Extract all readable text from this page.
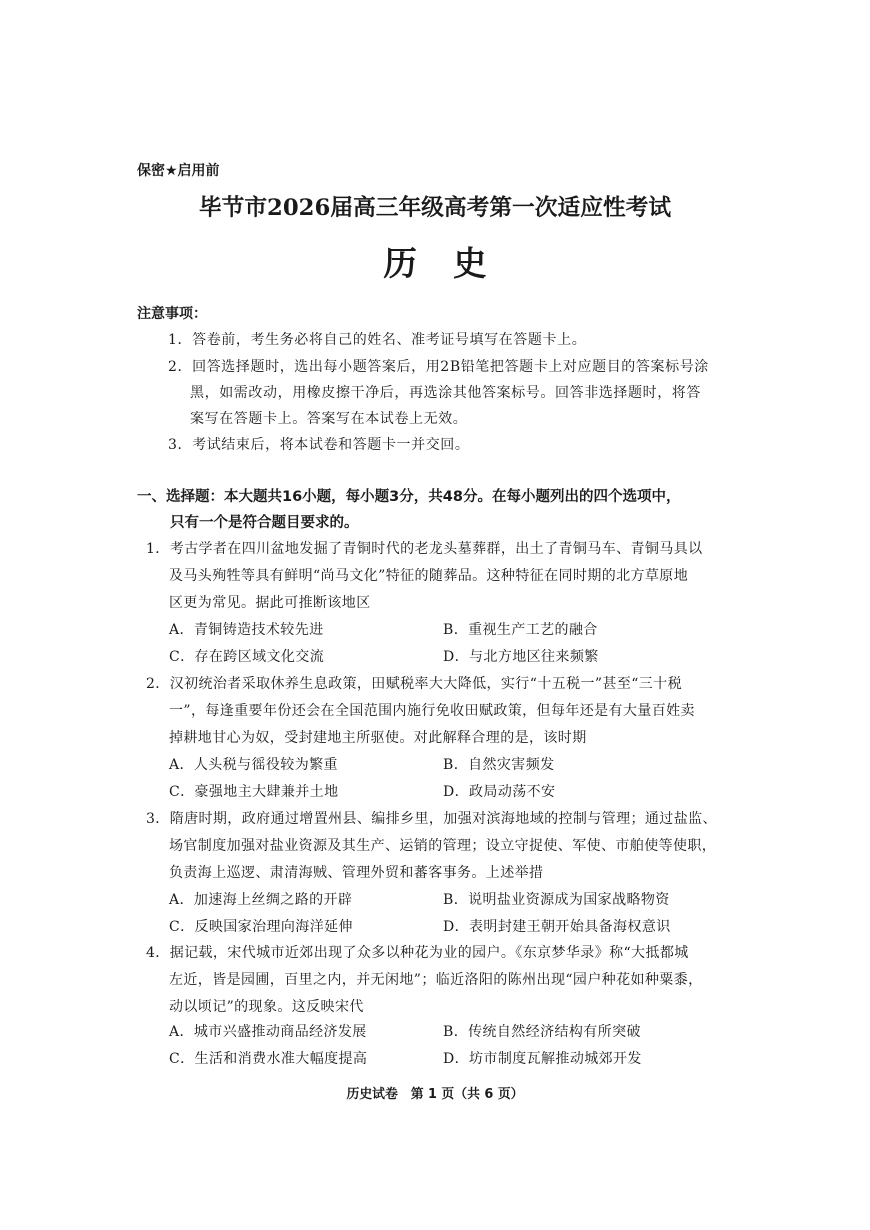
保密★启用前
毕节市2026届高三年级高考第一次适应性考试
历 史
注意事项：
1．答卷前，考生务必将自己的姓名、准考证号填写在答题卡上。
2．回答选择题时，选出每小题答案后，用2B铅笔把答题卡上对应题目的答案标号涂
黑，如需改动，用橡皮擦干净后，再选涂其他答案标号。回答非选择题时，将答
案写在答题卡上。答案写在本试卷上无效。
3．考试结束后，将本试卷和答题卡一并交回。
一、选择题：本大题共16小题，每小题3分，共48分。在每小题列出的四个选项中，
只有一个是符合题目要求的。
1．考古学者在四川盆地发掘了青铜时代的老龙头墓葬群，出土了青铜马车、青铜马具以
及马头殉牲等具有鲜明“尚马文化”特征的随葬品。这种特征在同时期的北方草原地
区更为常见。据此可推断该地区
A．青铜铸造技术较先进	B．重视生产工艺的融合
C．存在跨区域文化交流	D．与北方地区往来频繁
2．汉初统治者采取休养生息政策，田赋税率大大降低，实行“十五税一”甚至“三十税
一”，每逢重要年份还会在全国范围内施行免收田赋政策，但每年还是有大量百姓卖
掉耕地甘心为奴，受封建地主所驱使。对此解释合理的是，该时期
A．人头税与徭役较为繁重	B．自然灾害频发
C．豪强地主大肆兼并土地	D．政局动荡不安
3．隋唐时期，政府通过增置州县、编排乡里，加强对滨海地域的控制与管理；通过盐监、
场官制度加强对盐业资源及其生产、运销的管理；设立守捉使、军使、市舶使等使职，
负责海上巡逻、肃清海贼、管理外贸和蕃客事务。上述举措
A．加速海上丝绸之路的开辟	B．说明盐业资源成为国家战略物资
C．反映国家治理向海洋延伸	D．表明封建王朝开始具备海权意识
4．据记载，宋代城市近郊出现了众多以种花为业的园户。《东京梦华录》称“大抵都城
左近，皆是园圃，百里之内，并无闲地”；临近洛阳的陈州出现“园户种花如种粟黍，
动以顷记”的现象。这反映宋代
A．城市兴盛推动商品经济发展	B．传统自然经济结构有所突破
C．生活和消费水准大幅度提高	D．坊市制度瓦解推动城郊开发
历史试卷　第 1 页（共 6 页）
